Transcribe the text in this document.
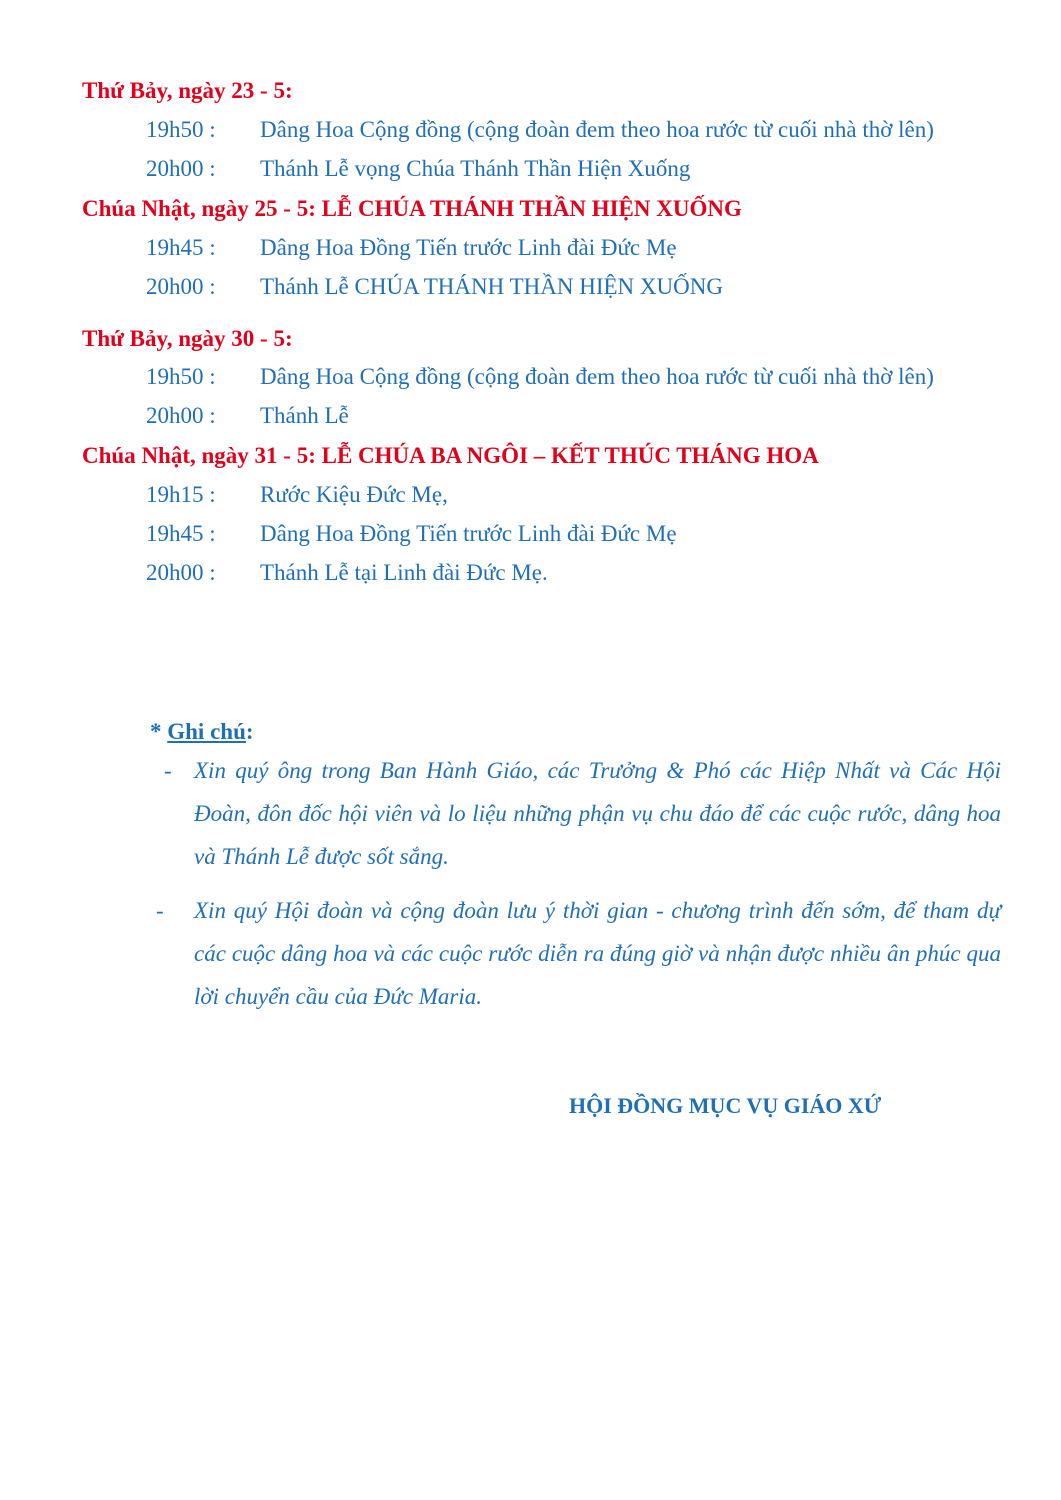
Thứ Bảy, ngày 23 - 5:
19h50 : Dâng Hoa Cộng đồng (cộng đoàn đem theo hoa rước từ cuối nhà thờ lên)
20h00 : Thánh Lễ vọng Chúa Thánh Thần Hiện Xuống
Chúa Nhật, ngày 25 - 5: LỄ CHÚA THÁNH THẦN HIỆN XUỐNG
19h45 : Dâng Hoa Đồng Tiến trước Linh đài Đức Mẹ
20h00 : Thánh Lễ CHÚA THÁNH THẦN HIỆN XUỐNG
Thứ Bảy, ngày 30 - 5:
19h50 : Dâng Hoa Cộng đồng (cộng đoàn đem theo hoa rước từ cuối nhà thờ lên)
20h00 : Thánh Lễ
Chúa Nhật, ngày 31 - 5: LỄ CHÚA BA NGÔI – KẾT THÚC THÁNG HOA
19h15 : Rước Kiệu Đức Mẹ,
19h45 : Dâng Hoa Đồng Tiến trước Linh đài Đức Mẹ
20h00 : Thánh Lễ tại Linh đài Đức Mẹ.
* Ghi chú:
- Xin quý ông trong Ban Hành Giáo, các Trưởng & Phó các Hiệp Nhất và Các Hội Đoàn, đôn đốc hội viên và lo liệu những phận vụ chu đáo để các cuộc rước, dâng hoa và Thánh Lễ được sốt sắng.
- Xin quý Hội đoàn và cộng đoàn lưu ý thời gian - chương trình đến sớm, để tham dự các cuộc dâng hoa và các cuộc rước diễn ra đúng giờ và nhận được nhiều ân phúc qua lời chuyển cầu của Đức Maria.
HỘI ĐỒNG MỤC VỤ GIÁO XỨ
